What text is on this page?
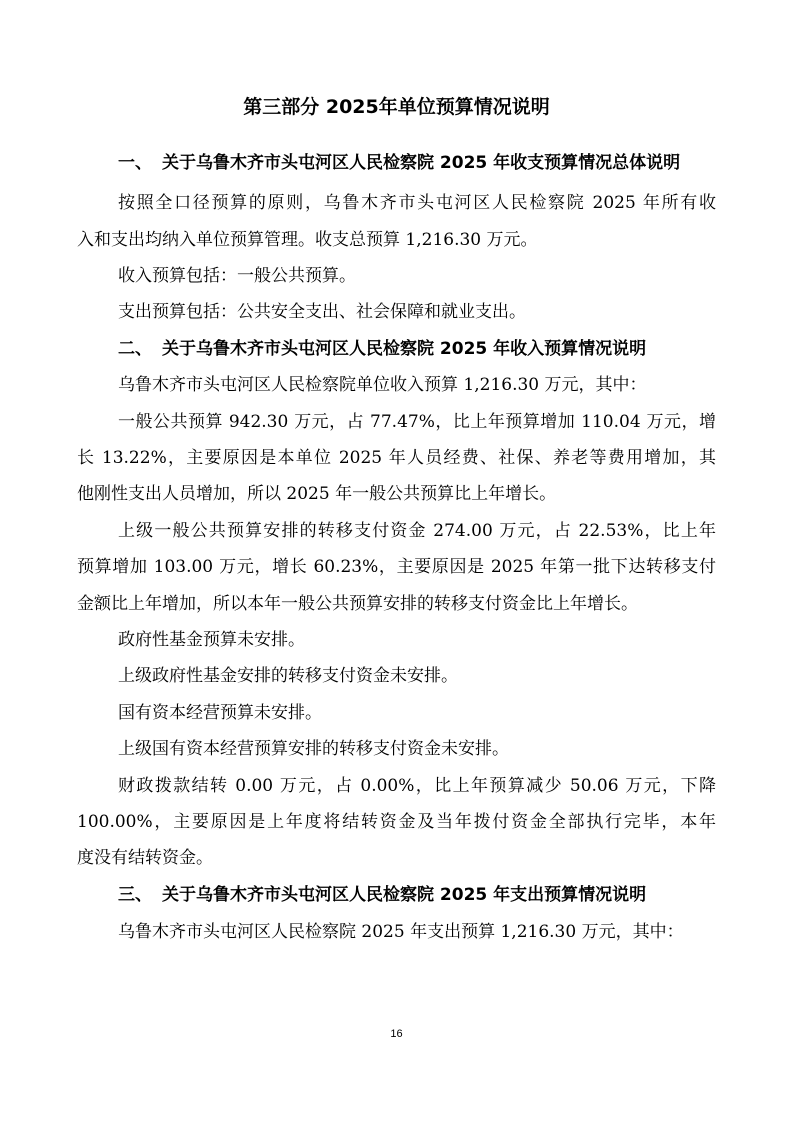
第三部分 2025年单位预算情况说明
一、 关于乌鲁木齐市头屯河区人民检察院 2025 年收支预算情况总体说明
按照全口径预算的原则，乌鲁木齐市头屯河区人民检察院 2025 年所有收
入和支出均纳入单位预算管理。收支总预算 1,216.30 万元。
收入预算包括：一般公共预算。
支出预算包括：公共安全支出、社会保障和就业支出。
二、 关于乌鲁木齐市头屯河区人民检察院 2025 年收入预算情况说明
乌鲁木齐市头屯河区人民检察院单位收入预算 1,216.30 万元，其中：
一般公共预算 942.30 万元，占 77.47%，比上年预算增加 110.04 万元，增
长 13.22%，主要原因是本单位 2025 年人员经费、社保、养老等费用增加，其
他刚性支出人员增加，所以 2025 年一般公共预算比上年增长。
上级一般公共预算安排的转移支付资金 274.00 万元，占 22.53%，比上年
预算增加 103.00 万元，增长 60.23%，主要原因是 2025 年第一批下达转移支付
金额比上年增加，所以本年一般公共预算安排的转移支付资金比上年增长。
政府性基金预算未安排。
上级政府性基金安排的转移支付资金未安排。
国有资本经营预算未安排。
上级国有资本经营预算安排的转移支付资金未安排。
财政拨款结转 0.00 万元，占 0.00%，比上年预算减少 50.06 万元，下降
100.00%，主要原因是上年度将结转资金及当年拨付资金全部执行完毕，本年
度没有结转资金。
三、 关于乌鲁木齐市头屯河区人民检察院 2025 年支出预算情况说明
乌鲁木齐市头屯河区人民检察院 2025 年支出预算 1,216.30 万元，其中：
16
